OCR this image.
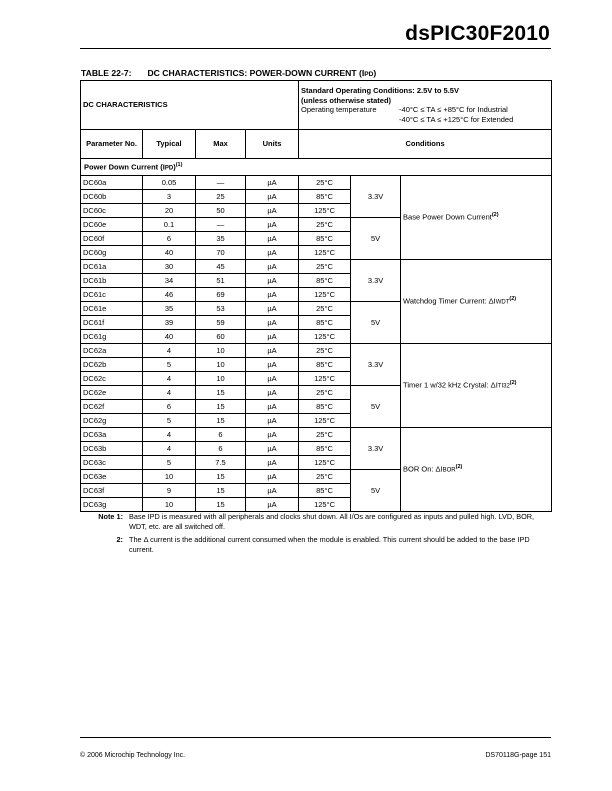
dsPIC30F2010
TABLE 22-7: DC CHARACTERISTICS: POWER-DOWN CURRENT (IPD)
DC CHARACTERISTICS				Standard Operating Conditions: 2.5V to 5.5V
(unless otherwise stated)
Operating temperature -40°C ≤ TA ≤ +85°C for Industrial
-40°C ≤ TA ≤ +125°C for Extended		

Parameter No.	Typical	Max	Units	Conditions		
Power Down Current (IPD)$^{(1)}$
DC60a	0.05	—	µA	25°C	3.3V	Base Power Down Current$^{(2)}$
DC60b	3	25	µA	85°C		
DC60c	20	50	µA	125°C		
DC60e	0.1	—	µA	25°C	5V	
DC60f	6	35	µA	85°C		
DC60g	40	70	µA	125°C		
DC61a	30	45	µA	25°C	3.3V	Watchdog Timer Current: ΔIWDT$^{(2)}$
DC61b	34	51	µA	85°C		
DC61c	46	69	µA	125°C		
DC61e	35	53	µA	25°C	5V	
DC61f	39	59	µA	85°C		
DC61g	40	60	µA	125°C		
DC62a	4	10	µA	25°C	3.3V	Timer 1 w/32 kHz Crystal: ΔITI32$^{(2)}$
DC62b	5	10	µA	85°C		
DC62c	4	10	µA	125°C		
DC62e	4	15	µA	25°C	5V	
DC62f	6	15	µA	85°C		
DC62g	5	15	µA	125°C		
DC63a	4	6	µA	25°C	3.3V	BOR On: ΔIBOR$^{(2)}$
DC63b	4	6	µA	85°C		
DC63c	5	7.5	µA	125°C		
DC63e	10	15	µA	25°C	5V	
DC63f	9	15	µA	85°C		
DC63g	10	15	µA	125°C		
Note 1: Base IPD is measured with all peripherals and clocks shut down. All I/Os are configured as inputs and pulled high. LVD, BOR, WDT, etc. are all switched off.
2: The Δ current is the additional current consumed when the module is enabled. This current should be added to the base IPD current.
© 2006 Microchip Technology Inc.	DS70118G-page 151
